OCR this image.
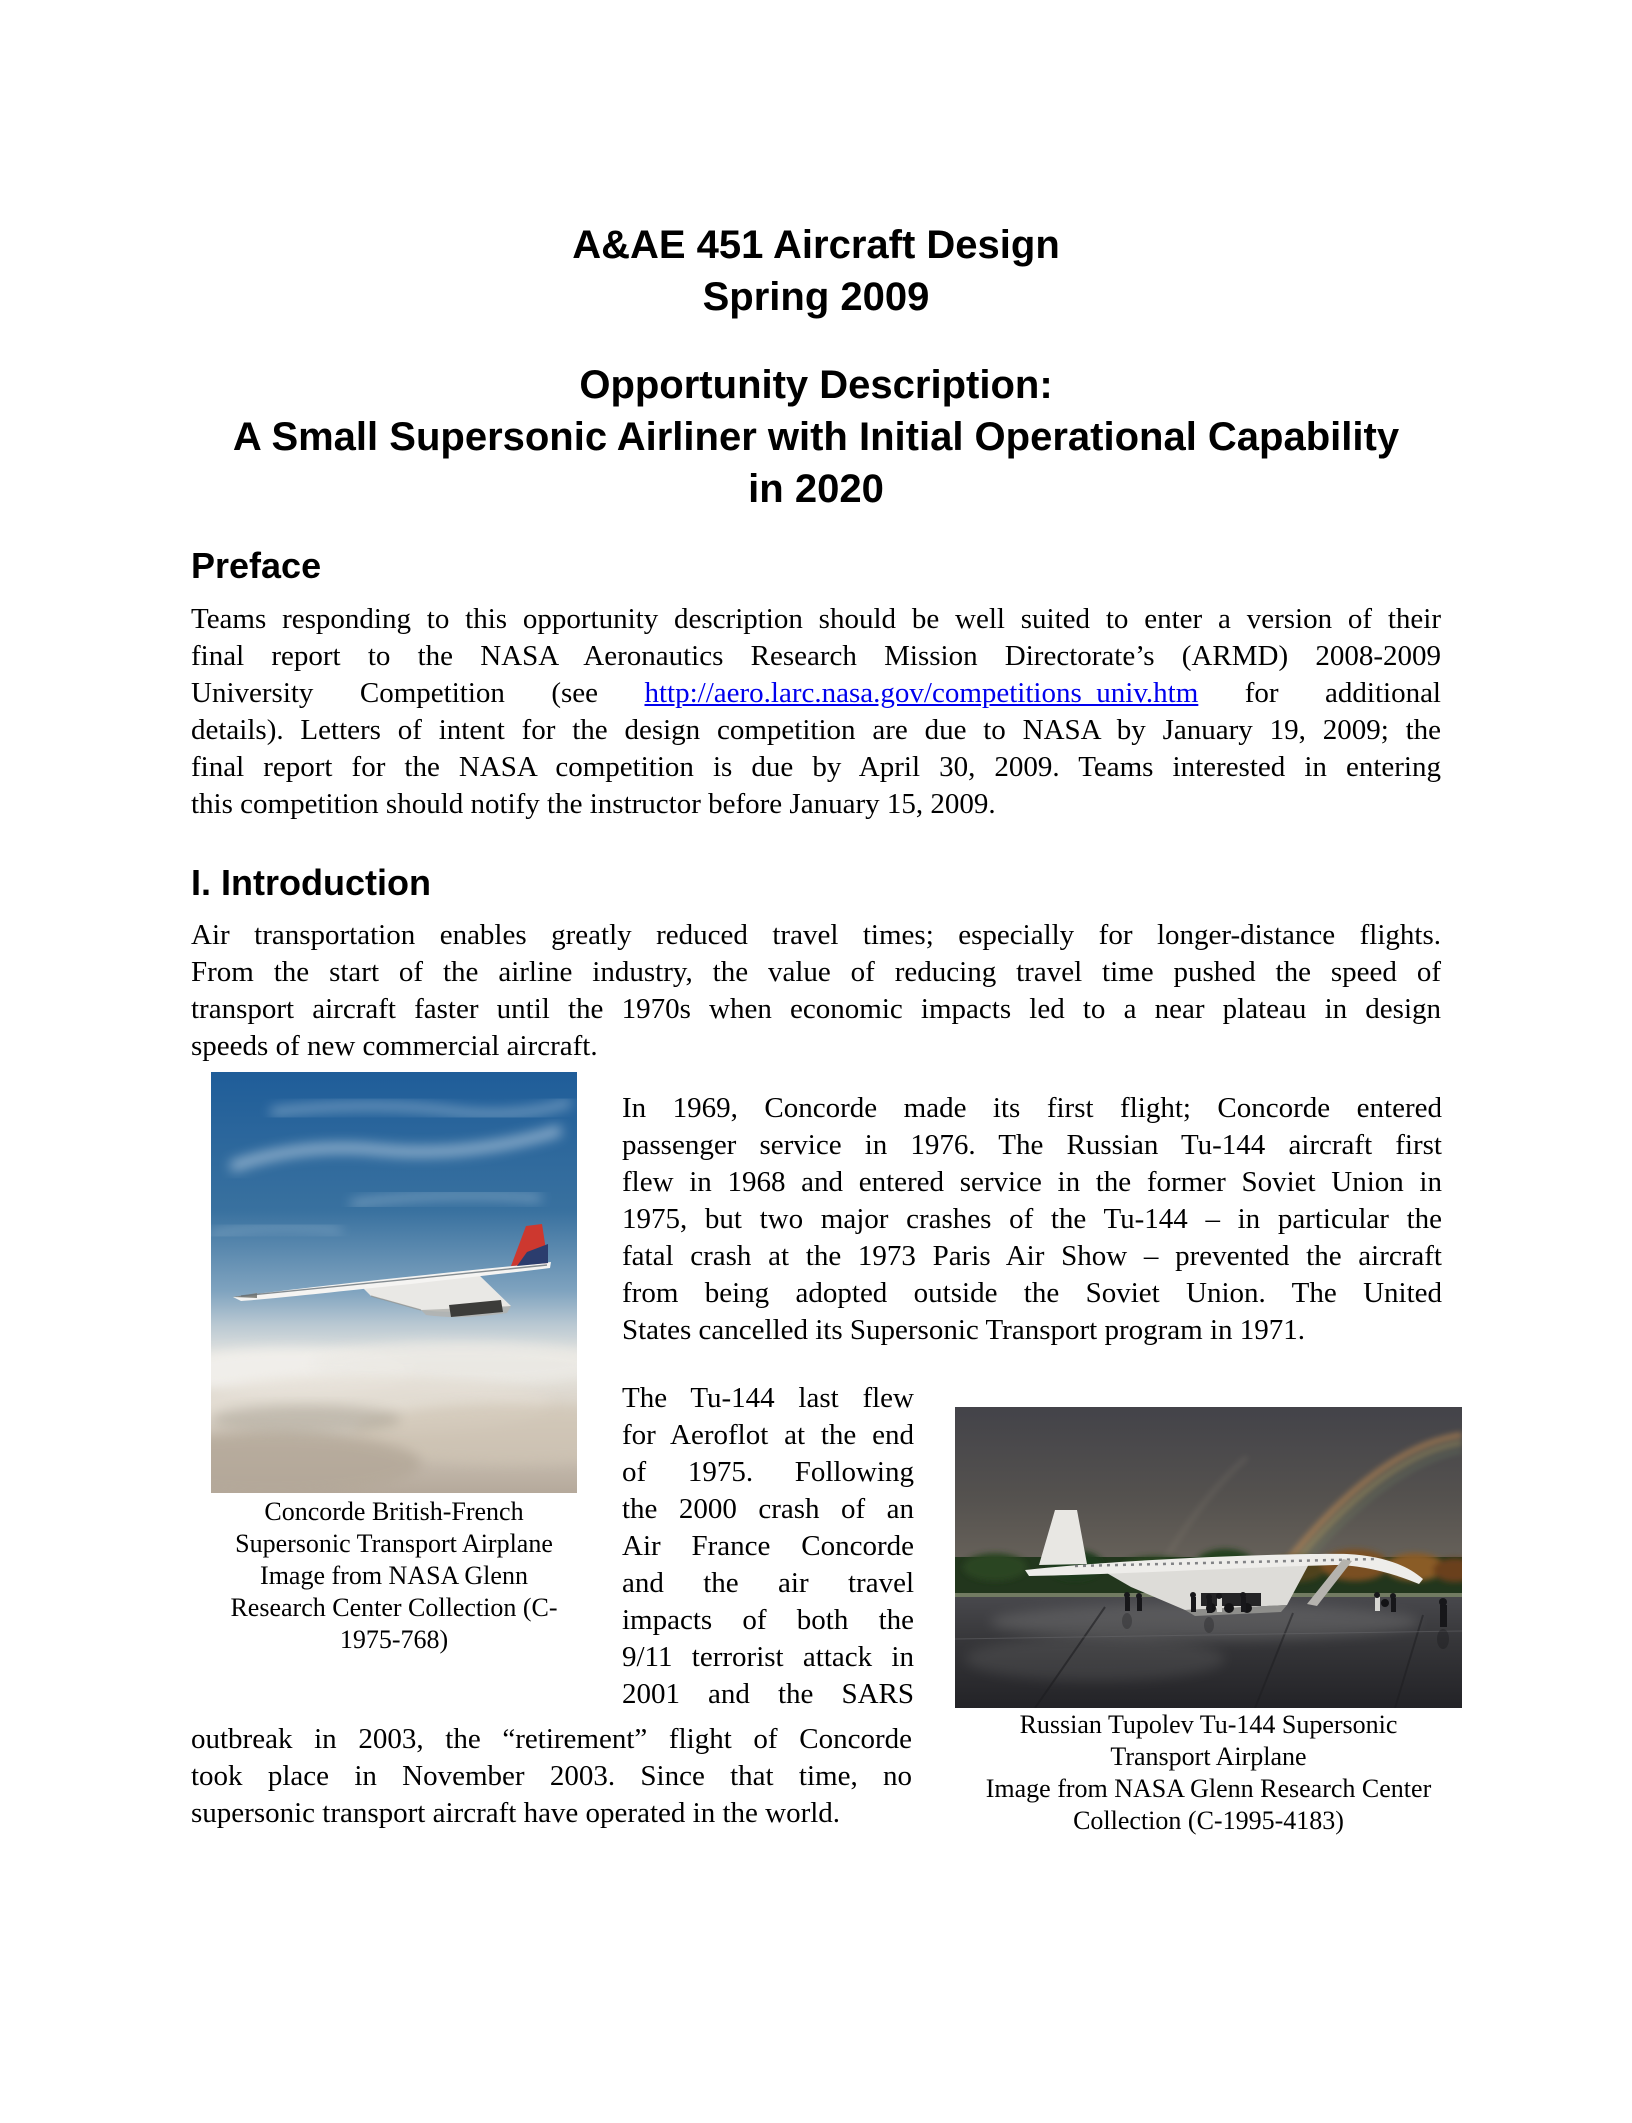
A&AE 451 Aircraft Design
Spring 2009
Opportunity Description:
A Small Supersonic Airliner with Initial Operational Capability
in 2020
Preface
Teams responding to this opportunity description should be well suited to enter a version of their
final report to the NASA Aeronautics Research Mission Directorate’s (ARMD) 2008-2009
University Competition (see http://aero.larc.nasa.gov/competitions_univ.htm for additional
details). Letters of intent for the design competition are due to NASA by January 19, 2009; the
final report for the NASA competition is due by April 30, 2009. Teams interested in entering
this competition should notify the instructor before January 15, 2009.
I. Introduction
Air transportation enables greatly reduced travel times; especially for longer-distance flights.
From the start of the airline industry, the value of reducing travel time pushed the speed of
transport aircraft faster until the 1970s when economic impacts led to a near plateau in design
speeds of new commercial aircraft.
Concorde British-French
Supersonic Transport Airplane
Image from NASA Glenn
Research Center Collection (C-
1975-768)
In 1969, Concorde made its first flight; Concorde entered
passenger service in 1976. The Russian Tu-144 aircraft first
flew in 1968 and entered service in the former Soviet Union in
1975, but two major crashes of the Tu-144 – in particular the
fatal crash at the 1973 Paris Air Show – prevented the aircraft
from being adopted outside the Soviet Union. The United
States cancelled its Supersonic Transport program in 1971.
The Tu-144 last flew
for Aeroflot at the end
of 1975. Following
the 2000 crash of an
Air France Concorde
and the air travel
impacts of both the
9/11 terrorist attack in
2001 and the SARS
Russian Tupolev Tu-144 Supersonic
Transport Airplane
Image from NASA Glenn Research Center
Collection (C-1995-4183)
outbreak in 2003, the “retirement” flight of Concorde
took place in November 2003. Since that time, no
supersonic transport aircraft have operated in the world.
